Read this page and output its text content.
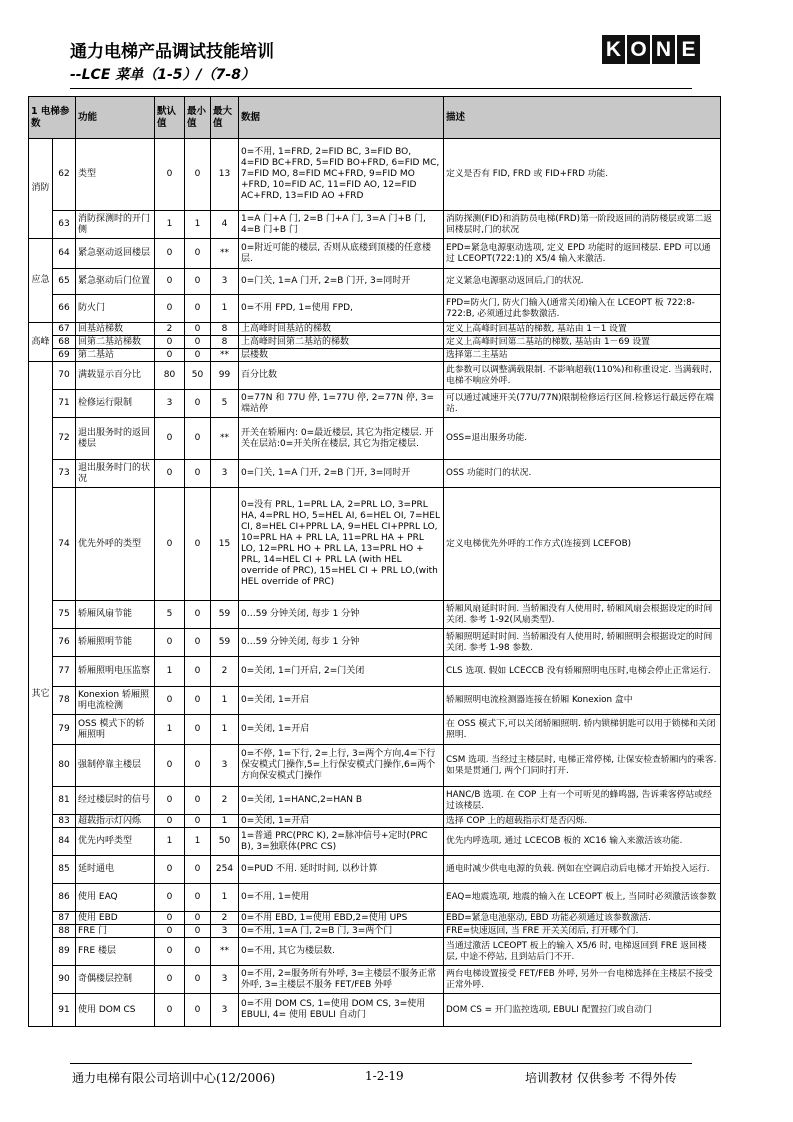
通力电梯产品调试技能培训
--LCE 菜单（1-5）/（7-8）
K O N E
1 电梯参数		功能	默认值	最小值	最大值	数据	描述
消防	62	类型	0	0	13	0=不用, 1=FRD, 2=FID BC, 3=FID BO, 4=FID BC+FRD, 5=FID BO+FRD, 6=FID MC, 7=FID MO, 8=FID MC+FRD, 9=FID MO +FRD, 10=FID AC, 11=FID AO, 12=FID AC+FRD, 13=FID AO +FRD	定义是否有 FID, FRD 或 FID+FRD 功能.
	63	消防探测时的开门侧	1	1	4	1=A 门+A 门, 2=B 门+A 门, 3=A 门+B 门, 4=B 门+B 门	消防探测(FID)和消防员电梯(FRD)第一阶段返回的消防楼层或第二返回楼层时,门的状况
应急	64	紧急驱动返回楼层	0	0	**	0=附近可能的楼层, 否则从底楼到顶楼的任意楼层.	EPD=紧急电源驱动选项, 定义 EPD 功能时的返回楼层. EPD 可以通过 LCEOPT(722:1)的 X5/4 输入来激活.
	65	紧急驱动后门位置	0	0	3	0=门关, 1=A 门开, 2=B 门开, 3=同时开	定义紧急电源驱动返回后,门的状况.
	66	防火门	0	0	1	0=不用 FPD, 1=使用 FPD,	FPD=防火门, 防火门输入(通常关闭)输入在 LCEOPT 板 722:8-722:B, 必须通过此参数激活.
高峰	67	回基站梯数	2	0	8	上高峰时回基站的梯数	定义上高峰时回基站的梯数, 基站由 1－1 设置
	68	回第二基站梯数	0	0	8	上高峰时回第二基站的梯数	定义上高峰时回第二基站的梯数, 基站由 1－69 设置
	69	第二基站	0	0	**	层楼数	选择第二主基站
其它	70	满载显示百分比	80	50	99	百分比数	此参数可以调整满载限制. 不影响超载(110%)和称重设定. 当满载时, 电梯不响应外呼.
	71	检修运行限制	3	0	5	0=77N 和 77U 停, 1=77U 停, 2=77N 停, 3=端站停	可以通过减速开关(77U/77N)限制检修运行区间.检修运行最远停在端站.
	72	退出服务时的返回楼层	0	0	**	开关在轿厢内: 0=最近楼层, 其它为指定楼层. 开关在层站:0=开关所在楼层, 其它为指定楼层.	OSS=退出服务功能.
	73	退出服务时门的状况	0	0	3	0=门关, 1=A 门开, 2=B 门开, 3=同时开	OSS 功能时门的状况.
	74	优先外呼的类型	0	0	15	0=没有 PRL, 1=PRL LA, 2=PRL LO, 3=PRL HA, 4=PRL HO, 5=HEL AI, 6=HEL OI, 7=HEL CI, 8=HEL CI+PPRL LA, 9=HEL CI+PPRL LO, 10=PRL HA + PRL LA, 11=PRL HA + PRL LO, 12=PRL HO + PRL LA, 13=PRL HO + PRL, 14=HEL CI + PRL LA (with HEL override of PRC), 15=HEL CI + PRL LO,(with HEL override of PRC)	定义电梯优先外呼的工作方式(连接到 LCEFOB)
	75	轿厢风扇节能	5	0	59	0…59 分钟关闭, 每步 1 分钟	轿厢风扇延时时间. 当轿厢没有人使用时, 轿厢风扇会根据设定的时间关闭. 参考 1-92(风扇类型).
	76	轿厢照明节能	0	0	59	0…59 分钟关闭, 每步 1 分钟	轿厢照明延时时间. 当轿厢没有人使用时, 轿厢照明会根据设定的时间关闭. 参考 1-98 参数.
	77	轿厢照明电压监察	1	0	2	0=关闭, 1=门开启, 2=门关闭	CLS 选项. 假如 LCECCB 没有轿厢照明电压时,电梯会停止正常运行.
	78	Konexion 轿厢照明电流检测	0	0	1	0=关闭, 1=开启	轿厢照明电流检测器连接在轿厢 Konexion 盒中
	79	OSS 模式下的轿厢照明	1	0	1	0=关闭, 1=开启	在 OSS 模式下,可以关闭轿厢照明. 轿内锁梯钥匙可以用于锁梯和关闭照明.
	80	强制停靠主楼层	0	0	3	0=不停, 1=下行, 2=上行, 3=两个方向,4=下行保安模式门操作,5=上行保安模式门操作,6=两个方向保安模式门操作	CSM 选项. 当经过主楼层时, 电梯正常停梯, 让保安检查轿厢内的乘客. 如果是贯通门, 两个门同时打开.
	81	经过楼层时的信号	0	0	2	0=关闭, 1=HANC,2=HAN B	HANC/B 选项. 在 COP 上有一个可听见的蜂鸣器, 告诉乘客停站或经过该楼层.
	83	超载指示灯闪烁	0	0	1	0=关闭, 1=开启	选择 COP 上的超载指示灯是否闪烁.
	84	优先内呼类型	1	1	50	1=普通 PRC(PRC K), 2=脉冲信号+定时(PRC B), 3=独联体(PRC CS)	优先内呼选项, 通过 LCECOB 板的 XC16 输入来激活该功能.
	85	延时通电	0	0	254	0=PUD 不用. 延时时间, 以秒计算	通电时减少供电电源的负载. 例如在空调启动后电梯才开始投入运行.
	86	使用 EAQ	0	0	1	0=不用, 1=使用	EAQ=地震选项, 地震的输入在 LCEOPT 板上, 当同时必须激活该参数
	87	使用 EBD	0	0	2	0=不用 EBD, 1=使用 EBD,2=使用 UPS	EBD=紧急电池驱动, EBD 功能必须通过该参数激活.
	88	FRE 门	0	0	3	0=不用, 1=A 门, 2=B 门, 3=两个门	FRE=快速返回, 当 FRE 开关关闭后, 打开哪个门.
	89	FRE 楼层	0	0	**	0=不用, 其它为楼层数.	当通过激活 LCEOPT 板上的输入 X5/6 时, 电梯返回到 FRE 返回楼层, 中途不停站, 且到站后门不开.
	90	奇偶楼层控制	0	0	3	0=不用, 2=服务所有外呼, 3=主楼层不服务正常外呼, 3=主楼层不服务 FET/FEB 外呼	两台电梯设置接受 FET/FEB 外呼, 另外一台电梯选择在主楼层不接受正常外呼.
	91	使用 DOM CS	0	0	3	0=不用 DOM CS, 1=使用 DOM CS, 3=使用 EBULI, 4= 使用 EBULI 自动门	DOM CS = 开门监控选项, EBULI 配置拉门或自动门
通力电梯有限公司培训中心(12/2006)	1-2-19	培训教材 仅供参考 不得外传
